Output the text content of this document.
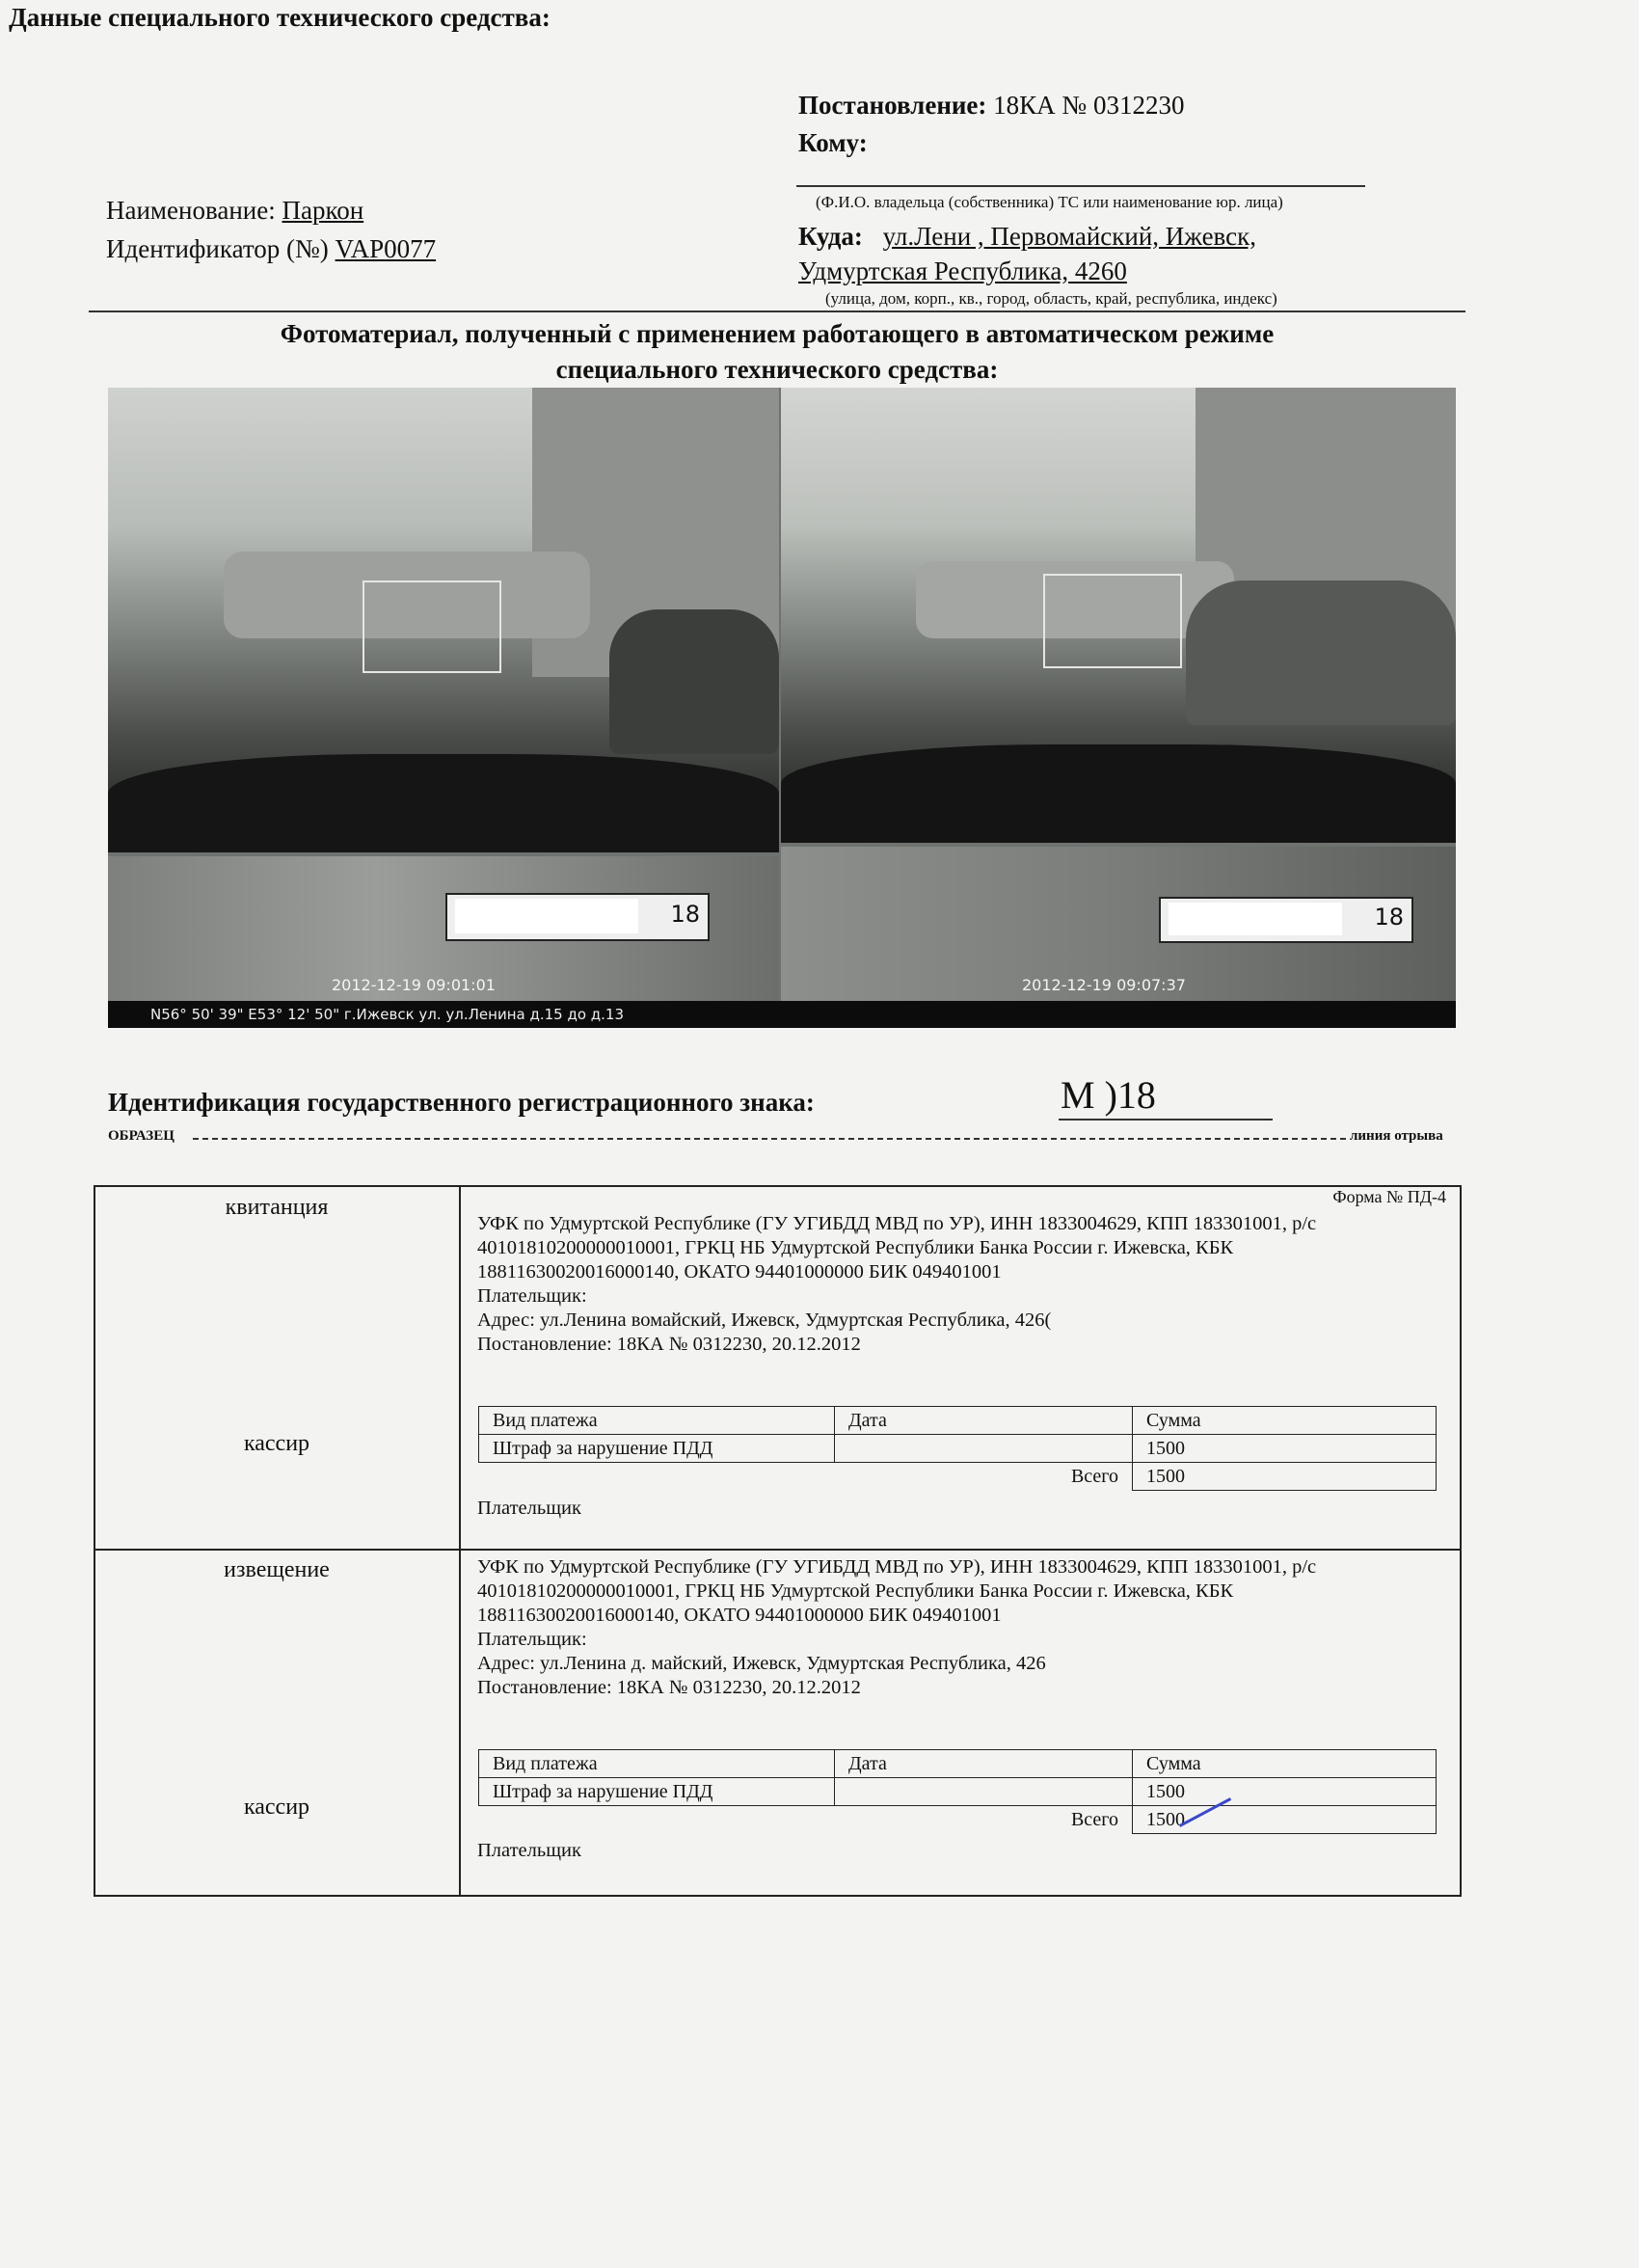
Данные специального технического средства:
Наименование: Паркон
Идентификатор (№) VAP0077
Постановление: 18КА № 0312230
Кому:
(Ф.И.О. владельца (собственника) ТС или наименование юр. лица)
Куда: ул.Лени , Первомайский, Ижевск,
Удмуртская Республика, 4260
(улица, дом, корп., кв., город, область, край, республика, индекс)
Фотоматериал, полученный с применением работающего в автоматическом режиме
специального технического средства:
18
2012-12-19 09:01:01
18
2012-12-19 09:07:37
N56° 50' 39" E53° 12' 50" г.Ижевск ул. ул.Ленина д.15 до д.13
Идентификация государственного регистрационного знака:	М )18
ОБРАЗЕЦ	линия отрыва
квитанция
кассир
извещение
кассир
Форма № ПД-4
УФК по Удмуртской Республике (ГУ УГИБДД МВД по УР), ИНН 1833004629, КПП 183301001, р/с
40101810200000010001, ГРКЦ НБ Удмуртской Республики Банка России г. Ижевска, КБК
18811630020016000140, ОКАТО 94401000000 БИК 049401001
Плательщик:
Адрес: ул.Ленина вомайский, Ижевск, Удмуртская Республика, 426(
Постановление: 18КА № 0312230, 20.12.2012
Вид платежа	Дата	Сумма
Штраф за нарушение ПДД		1500
Всего		1500
Плательщик
УФК по Удмуртской Республике (ГУ УГИБДД МВД по УР), ИНН 1833004629, КПП 183301001, р/с
40101810200000010001, ГРКЦ НБ Удмуртской Республики Банка России г. Ижевска, КБК
18811630020016000140, ОКАТО 94401000000 БИК 049401001
Плательщик:
Адрес: ул.Ленина д. майский, Ижевск, Удмуртская Республика, 426
Постановление: 18КА № 0312230, 20.12.2012
Вид платежа	Дата	Сумма
Штраф за нарушение ПДД		1500
Всего		1500
Плательщик
